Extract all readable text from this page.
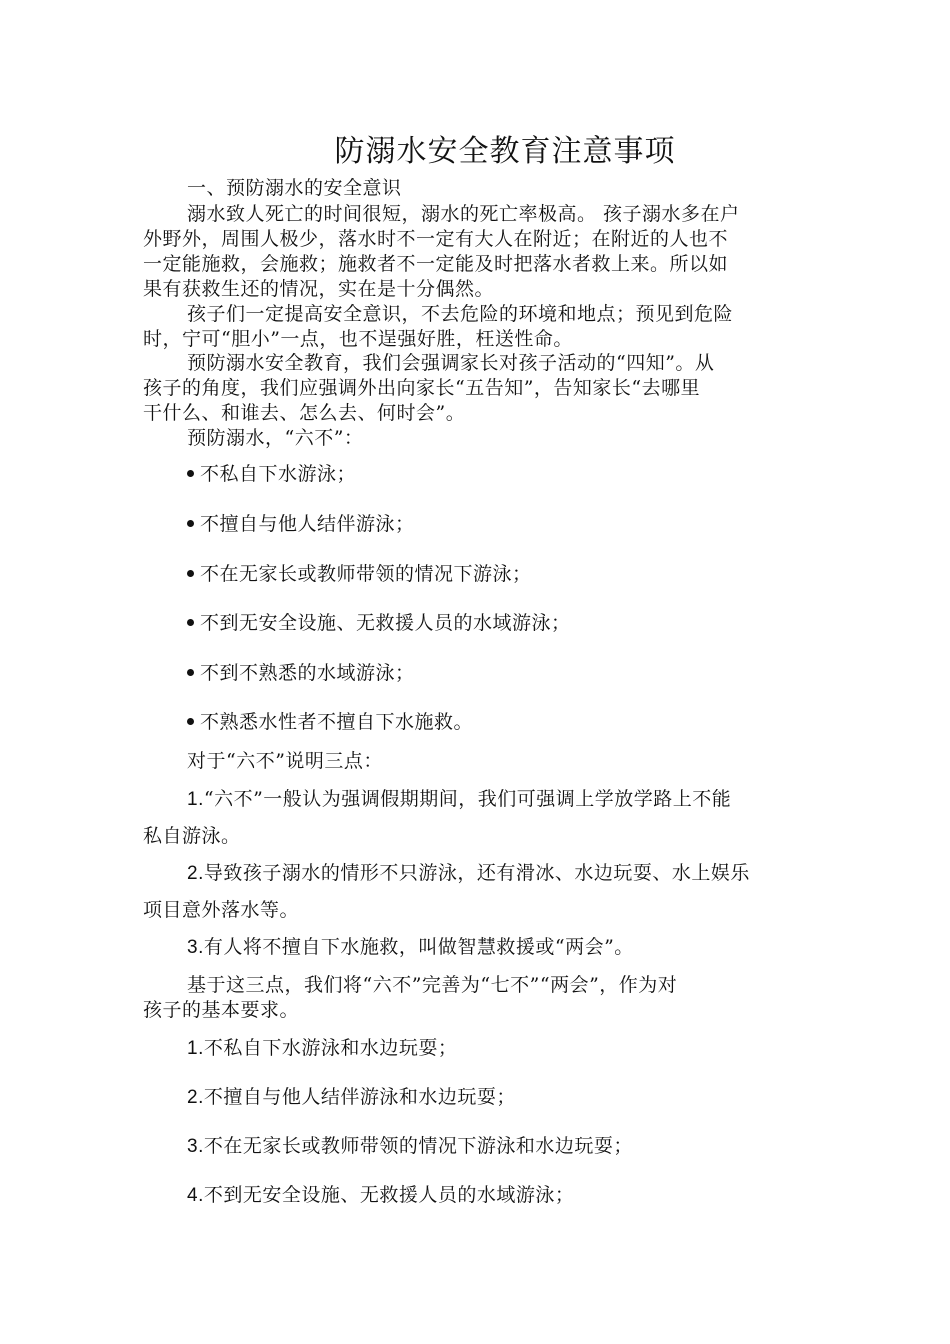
防溺水安全教育注意事项
一、预防溺水的安全意识
溺水致人死亡的时间很短，溺水的死亡率极高。 孩子溺水多在户
外野外，周围人极少，落水时不一定有大人在附近；在附近的人也不
一定能施救，会施救；施救者不一定能及时把落水者救上来。所以如
果有获救生还的情况，实在是十分偶然。
孩子们一定提高安全意识，不去危险的环境和地点；预见到危险
时，宁可“胆小”一点，也不逞强好胜，枉送性命。
预防溺水安全教育，我们会强调家长对孩子活动的“四知”。从
孩子的角度，我们应强调外出向家长“五告知”，告知家长“去哪里
干什么、和谁去、怎么去、何时会”。
预防溺水，“六不”：
不私自下水游泳；
不擅自与他人结伴游泳；
不在无家长或教师带领的情况下游泳；
不到无安全设施、无救援人员的水域游泳；
不到不熟悉的水域游泳；
不熟悉水性者不擅自下水施救。
对于“六不”说明三点：
1.“六不”一般认为强调假期期间，我们可强调上学放学路上不能
私自游泳。
2.导致孩子溺水的情形不只游泳，还有滑冰、水边玩耍、水上娱乐
项目意外落水等。
3.有人将不擅自下水施救，叫做智慧救援或“两会”。
基于这三点，我们将“六不”完善为“七不”“两会”，作为对
孩子的基本要求。
1.不私自下水游泳和水边玩耍；
2.不擅自与他人结伴游泳和水边玩耍；
3.不在无家长或教师带领的情况下游泳和水边玩耍；
4.不到无安全设施、无救援人员的水域游泳；
